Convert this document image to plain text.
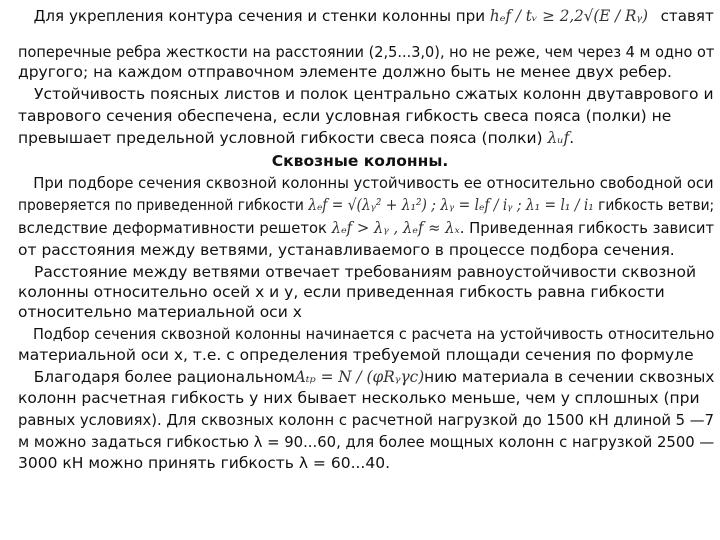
Для укрепления контура сечения и стенки колонны при hₑf / tᵥ ≥ 2,2√(E / Rᵧ) ставят
поперечные ребра жесткости на расстоянии (2,5...3,0), но не реже, чем через 4 м одно от
другого; на каждом отправочном элементе должно быть не менее двух ребер.
Устойчивость поясных листов и полок центрально сжатых колонн двутаврового и
таврового сечения обеспечена, если условная гибкость свеса пояса (полки) не
превышает предельной условной гибкости свеса пояса (полки) λᵤf.
Сквозные колонны.
При подборе сечения сквозной колонны устойчивость ее относительно свободной оси
проверяется по приведенной гибкости λₑf = √(λᵧ² + λ₁²) ; λᵧ = lₑf / iᵧ ; λ₁ = l₁ / i₁ гибкость ветви;
вследствие деформативности решеток λₑf > λᵧ , λₑf ≈ λₓ. Приведенная гибкость зависит
от расстояния между ветвями, устанавливаемого в процессе подбора сечения.
Расстояние между ветвями отвечает требованиям равноустойчивости сквозной
колонны относительно осей х и у, если приведенная гибкость равна гибкости
относительно материальной оси х
Подбор сечения сквозной колонны начинается с расчета на устойчивость относительно
материальной оси х, т.е. с определения требуемой площади сечения по формуле
Благодаря более рациональномAₜₚ = N / (φRᵧγc)нию материала в сечении сквозных
колонн расчетная гибкость у них бывает несколько меньше, чем у сплошных (при
равных условиях). Для сквозных колонн с расчетной нагрузкой до 1500 кН длиной 5 —7
м можно задаться гибкостью λ = 90...60, для более мощных колонн с нагрузкой 2500 —
3000 кН можно принять гибкость λ = 60...40.
